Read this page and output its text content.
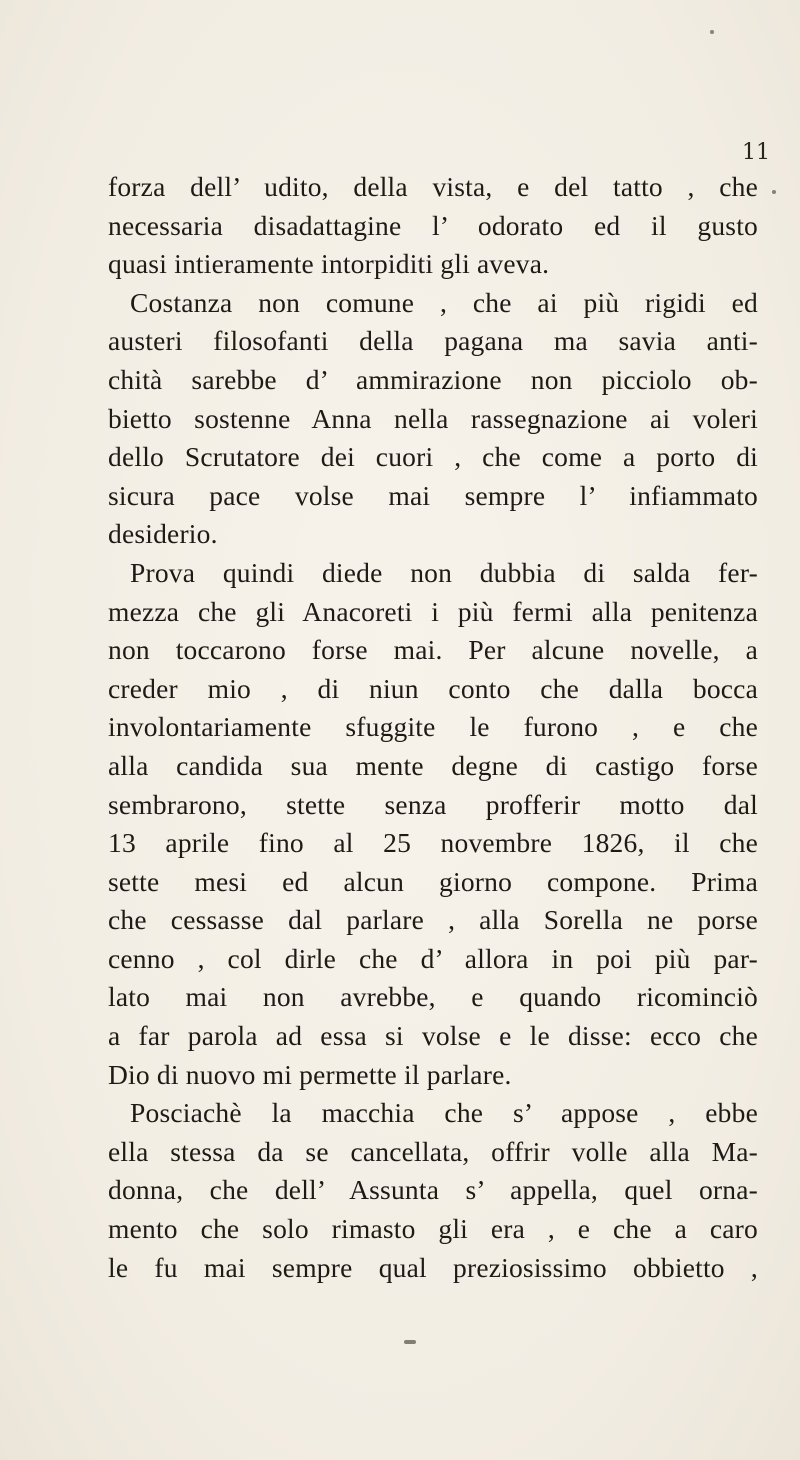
11

forza dell’ udito, della vista, e del tatto , che
necessaria disadattagine l’ odorato ed il gusto
quasi intieramente intorpiditi gli aveva.
Costanza non comune , che ai più rigidi ed
austeri filosofanti della pagana ma savia anti-
chità sarebbe d’ ammirazione non picciolo ob-
bietto sostenne Anna nella rassegnazione ai voleri
dello Scrutatore dei cuori , che come a porto di
sicura pace volse mai sempre l’ infiammato
desiderio.
Prova quindi diede non dubbia di salda fer-
mezza che gli Anacoreti i più fermi alla penitenza
non toccarono forse mai. Per alcune novelle, a
creder mio , di niun conto che dalla bocca
involontariamente sfuggite le furono , e che
alla candida sua mente degne di castigo forse
sembrarono, stette senza profferir motto dal
13 aprile fino al 25 novembre 1826, il che
sette mesi ed alcun giorno compone. Prima
che cessasse dal parlare , alla Sorella ne porse
cenno , col dirle che d’ allora in poi più par-
lato mai non avrebbe, e quando ricominciò
a far parola ad essa si volse e le disse: ecco che
Dio di nuovo mi permette il parlare.
Posciachè la macchia che s’ appose , ebbe
ella stessa da se cancellata, offrir volle alla Ma-
donna, che dell’ Assunta s’ appella, quel orna-
mento che solo rimasto gli era , e che a caro
le fu mai sempre qual preziosissimo obbietto ,
